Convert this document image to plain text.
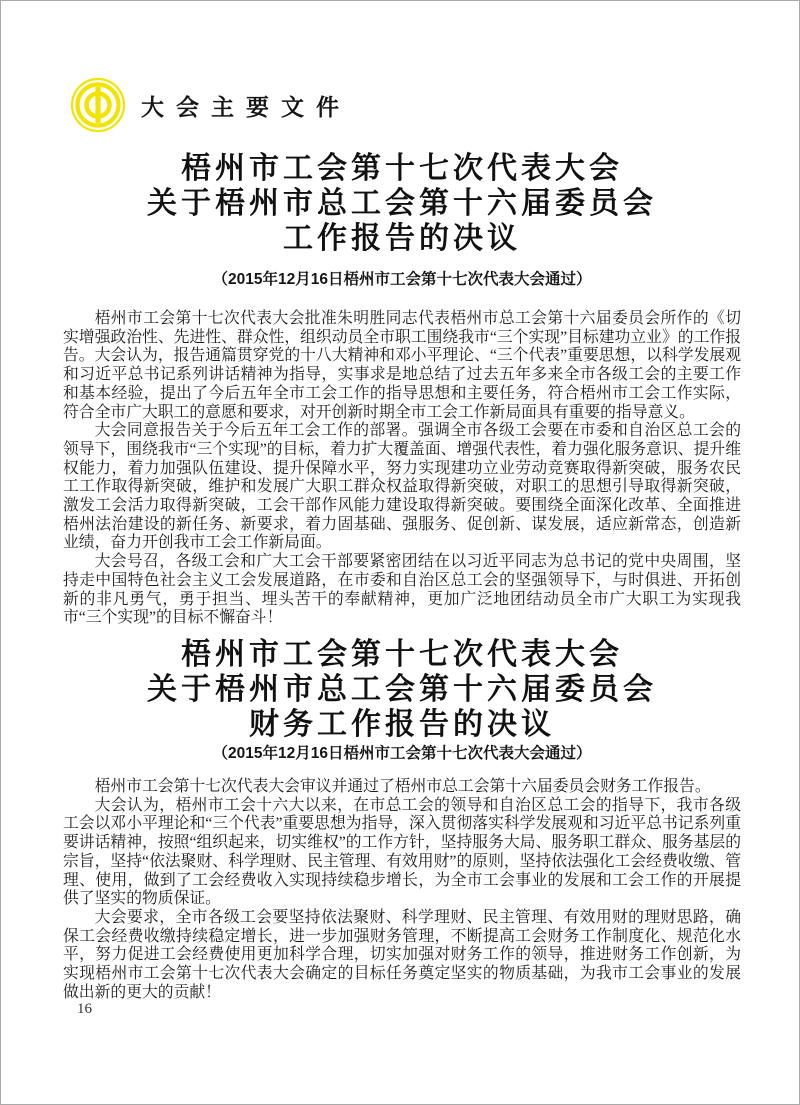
大会主要文件
梧州市工会第十七次代表大会
关于梧州市总工会第十六届委员会
工作报告的决议
（2015年12月16日梧州市工会第十七次代表大会通过）

梧州市工会第十七次代表大会批准朱明胜同志代表梧州市总工会第十六届委员会所作的《切实增强政治性、先进性、群众性，组织动员全市职工围绕我市“三个实现”目标建功立业》的工作报告。大会认为，报告通篇贯穿党的十八大精神和邓小平理论、“三个代表”重要思想，以科学发展观和习近平总书记系列讲话精神为指导，实事求是地总结了过去五年多来全市各级工会的主要工作和基本经验，提出了今后五年全市工会工作的指导思想和主要任务，符合梧州市工会工作实际，符合全市广大职工的意愿和要求，对开创新时期全市工会工作新局面具有重要的指导意义。

大会同意报告关于今后五年工会工作的部署。强调全市各级工会要在市委和自治区总工会的领导下，围绕我市“三个实现”的目标，着力扩大覆盖面、增强代表性，着力强化服务意识、提升维权能力，着力加强队伍建设、提升保障水平，努力实现建功立业劳动竞赛取得新突破，服务农民工工作取得新突破，维护和发展广大职工群众权益取得新突破，对职工的思想引导取得新突破，激发工会活力取得新突破，工会干部作风能力建设取得新突破。要围绕全面深化改革、全面推进梧州法治建设的新任务、新要求，着力固基础、强服务、促创新、谋发展，适应新常态，创造新业绩，奋力开创我市工会工作新局面。

大会号召，各级工会和广大工会干部要紧密团结在以习近平同志为总书记的党中央周围，坚持走中国特色社会主义工会发展道路，在市委和自治区总工会的坚强领导下，与时俱进、开拓创新的非凡勇气，勇于担当、埋头苦干的奉献精神，更加广泛地团结动员全市广大职工为实现我市“三个实现”的目标不懈奋斗！

梧州市工会第十七次代表大会
关于梧州市总工会第十六届委员会
财务工作报告的决议
（2015年12月16日梧州市工会第十七次代表大会通过）

梧州市工会第十七次代表大会审议并通过了梧州市总工会第十六届委员会财务工作报告。

大会认为，梧州市工会十六大以来，在市总工会的领导和自治区总工会的指导下，我市各级工会以邓小平理论和“三个代表”重要思想为指导，深入贯彻落实科学发展观和习近平总书记系列重要讲话精神，按照“组织起来，切实维权”的工作方针，坚持服务大局、服务职工群众、服务基层的宗旨，坚持“依法聚财、科学理财、民主管理、有效用财”的原则，坚持依法强化工会经费收缴、管理、使用，做到了工会经费收入实现持续稳步增长，为全市工会事业的发展和工会工作的开展提供了坚实的物质保证。

大会要求，全市各级工会要坚持依法聚财、科学理财、民主管理、有效用财的理财思路，确保工会经费收缴持续稳定增长，进一步加强财务管理，不断提高工会财务工作制度化、规范化水平，努力促进工会经费使用更加科学合理，切实加强对财务工作的领导，推进财务工作创新，为实现梧州市工会第十七次代表大会确定的目标任务奠定坚实的物质基础，为我市工会事业的发展做出新的更大的贡献！

16
